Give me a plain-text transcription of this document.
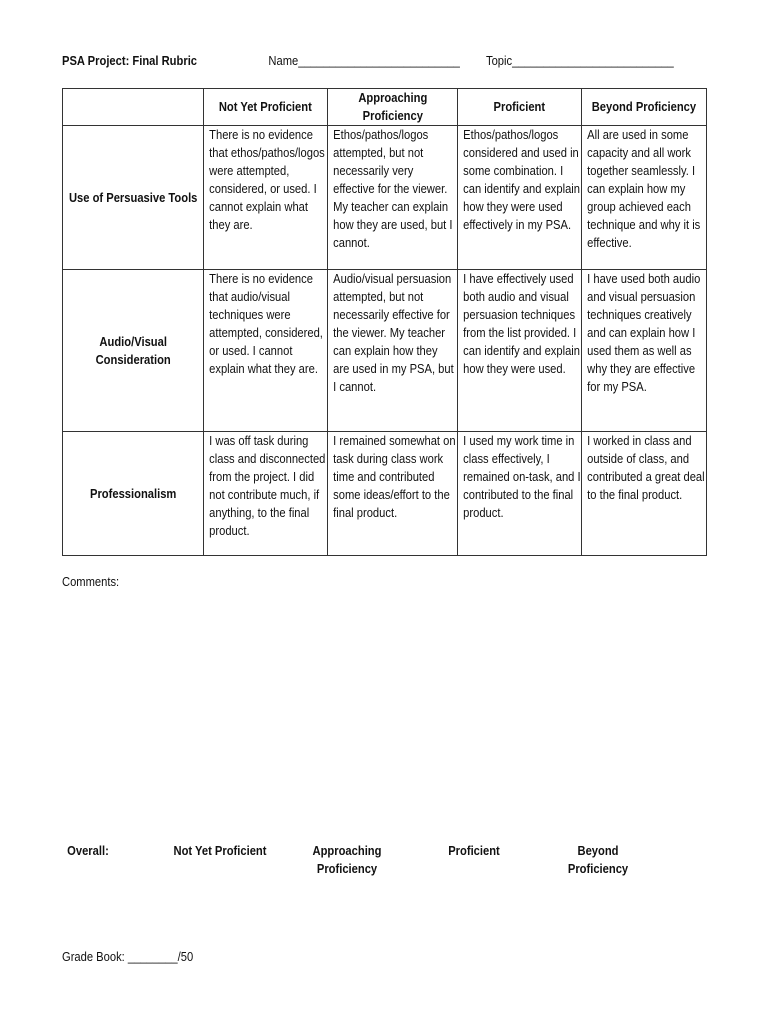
PSA Project: Final Rubric	Name__________________________ Topic__________________________

	Not Yet Proficient	Approaching Proficiency	Proficient	Beyond Proficiency

Use of Persuasive Tools	There is no evidence that ethos/pathos/logos were attempted, considered, or used. I cannot explain what they are.	Ethos/pathos/logos attempted, but not necessarily very effective for the viewer. My teacher can explain how they are used, but I cannot.	Ethos/pathos/logos considered and used in some combination. I can identify and explain how they were used effectively in my PSA.	All are used in some capacity and all work together seamlessly. I can explain how my group achieved each technique and why it is effective.

Audio/Visual Consideration	There is no evidence that audio/visual techniques were attempted, considered, or used. I cannot explain what they are.	Audio/visual persuasion attempted, but not necessarily effective for the viewer. My teacher can explain how they are used in my PSA, but I cannot.	I have effectively used both audio and visual persuasion techniques from the list provided. I can identify and explain how they were used.	I have used both audio and visual persuasion techniques creatively and can explain how I used them as well as why they are effective for my PSA.

Professionalism	I was off task during class and disconnected from the project. I did not contribute much, if anything, to the final product.	I remained somewhat on task during class work time and contributed some ideas/effort to the final product.	I used my work time in class effectively, I remained on-task, and I contributed to the final product.	I worked in class and outside of class, and contributed a great deal to the final product.
Comments:
Overall:	Not Yet Proficient	Approaching Proficiency
Proficient	Beyond Proficiency
Grade Book: ________/50
